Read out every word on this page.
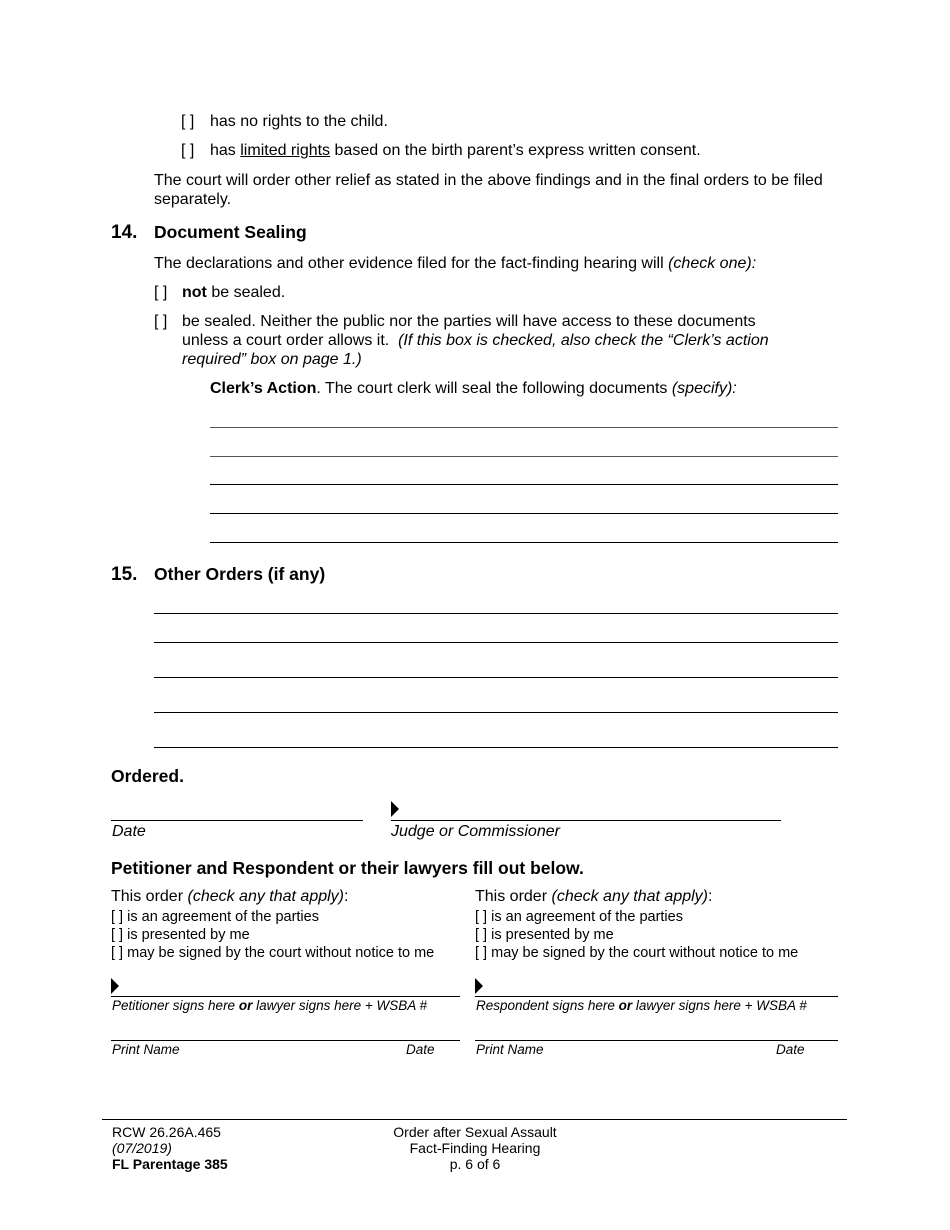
[ ] has no rights to the child.
[ ] has limited rights based on the birth parent’s express written consent.
The court will order other relief as stated in the above findings and in the final orders to be filed separately.
14. Document Sealing
The declarations and other evidence filed for the fact-finding hearing will (check one):
[ ] not be sealed.
[ ] be sealed. Neither the public nor the parties will have access to these documents
unless a court order allows it. (If this box is checked, also check the “Clerk’s action
required” box on page 1.)
Clerk’s Action. The court clerk will seal the following documents (specify):
15. Other Orders (if any)
Ordered.
Date	Judge or Commissioner
Petitioner and Respondent or their lawyers fill out below.
This order (check any that apply):
[ ] is an agreement of the parties
[ ] is presented by me
[ ] may be signed by the court without notice to me
Petitioner signs here or lawyer signs here + WSBA #
Print Name	Date
This order (check any that apply):
[ ] is an agreement of the parties
[ ] is presented by me
[ ] may be signed by the court without notice to me
Respondent signs here or lawyer signs here + WSBA #
Print Name	Date
RCW 26.26A.465
(07/2019)
FL Parentage 385
Order after Sexual Assault
Fact-Finding Hearing
p. 6 of 6
